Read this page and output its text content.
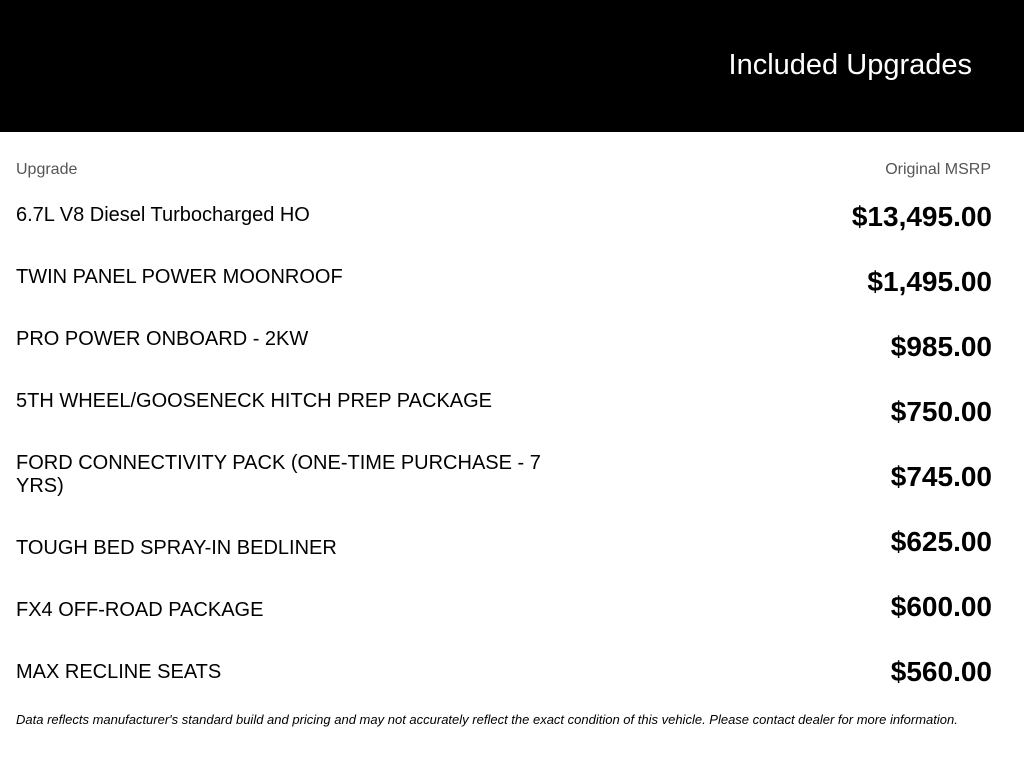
Included Upgrades
Upgrade	Original MSRP
6.7L V8 Diesel Turbocharged HO	$13,495.00
TWIN PANEL POWER MOONROOF	$1,495.00
PRO POWER ONBOARD - 2KW	$985.00
5TH WHEEL/GOOSENECK HITCH PREP PACKAGE	$750.00
FORD CONNECTIVITY PACK (ONE-TIME PURCHASE - 7 YRS)	$745.00
TOUGH BED SPRAY-IN BEDLINER	$625.00
FX4 OFF-ROAD PACKAGE	$600.00
MAX RECLINE SEATS	$560.00
Data reflects manufacturer's standard build and pricing and may not accurately reflect the exact condition of this vehicle. Please contact dealer for more information.
